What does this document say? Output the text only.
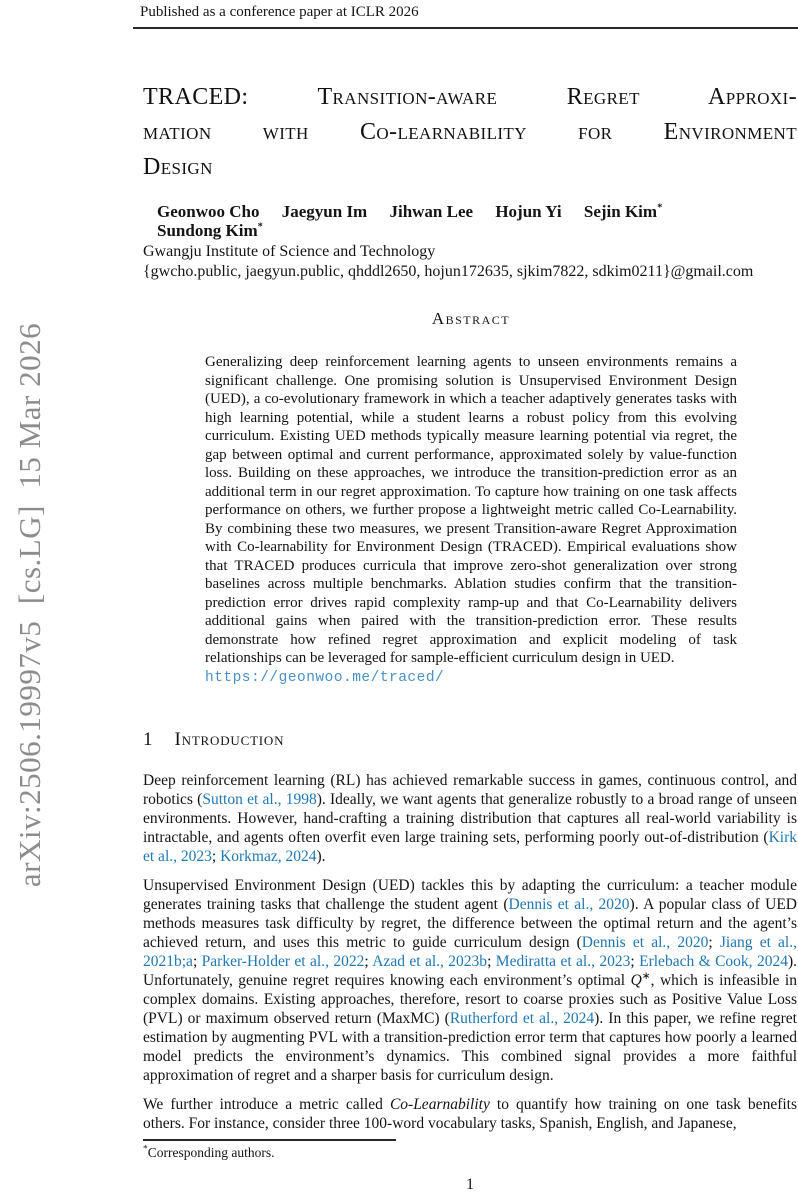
Published as a conference paper at ICLR 2026
arXiv:2506.19997v5  [cs.LG]  15 Mar 2026
TRACED: Transition-aware Regret Approxi-
mation with Co-learnability for Environment
Design
Geonwoo Cho Jaegyun Im Jihwan Lee Hojun Yi Sejin Kim* Sundong Kim*
Gwangju Institute of Science and Technology
{gwcho.public, jaegyun.public, qhddl2650, hojun172635, sjkim7822, sdkim0211}@gmail.com
Abstract
Generalizing deep reinforcement learning agents to unseen environments remains a significant challenge. One promising solution is Unsupervised Environment Design (UED), a co-evolutionary framework in which a teacher adaptively generates tasks with high learning potential, while a student learns a robust policy from this evolving curriculum. Existing UED methods typically measure learning potential via regret, the gap between optimal and current performance, approximated solely by value-function loss. Building on these approaches, we introduce the transition-prediction error as an additional term in our regret approximation. To capture how training on one task affects performance on others, we further propose a lightweight metric called Co-Learnability. By combining these two measures, we present Transition-aware Regret Approximation with Co-learnability for Environment Design (TRACED). Empirical evaluations show that TRACED produces curricula that improve zero-shot generalization over strong baselines across multiple benchmarks. Ablation studies confirm that the transition-prediction error drives rapid complexity ramp-up and that Co-Learnability delivers additional gains when paired with the transition-prediction error. These results demonstrate how refined regret approximation and explicit modeling of task relationships can be leveraged for sample-efficient curriculum design in UED.
https://geonwoo.me/traced/
1 Introduction

Deep reinforcement learning (RL) has achieved remarkable success in games, continuous control, and robotics (Sutton et al., 1998). Ideally, we want agents that generalize robustly to a broad range of unseen environments. However, hand-crafting a training distribution that captures all real-world variability is intractable, and agents often overfit even large training sets, performing poorly out-of-distribution (Kirk et al., 2023; Korkmaz, 2024).

Unsupervised Environment Design (UED) tackles this by adapting the curriculum: a teacher module generates training tasks that challenge the student agent (Dennis et al., 2020). A popular class of UED methods measures task difficulty by regret, the difference between the optimal return and the agent’s achieved return, and uses this metric to guide curriculum design (Dennis et al., 2020; Jiang et al., 2021b;a; Parker-Holder et al., 2022; Azad et al., 2023b; Mediratta et al., 2023; Erlebach & Cook, 2024). Unfortunately, genuine regret requires knowing each environment’s optimal Q∗, which is infeasible in complex domains. Existing approaches, therefore, resort to coarse proxies such as Positive Value Loss (PVL) or maximum observed return (MaxMC) (Rutherford et al., 2024). In this paper, we refine regret estimation by augmenting PVL with a transition-prediction error term that captures how poorly a learned model predicts the environment’s dynamics. This combined signal provides a more faithful approximation of regret and a sharper basis for curriculum design.

We further introduce a metric called Co-Learnability to quantify how training on one task benefits others. For instance, consider three 100-word vocabulary tasks, Spanish, English, and Japanese,

*Corresponding authors.
1
